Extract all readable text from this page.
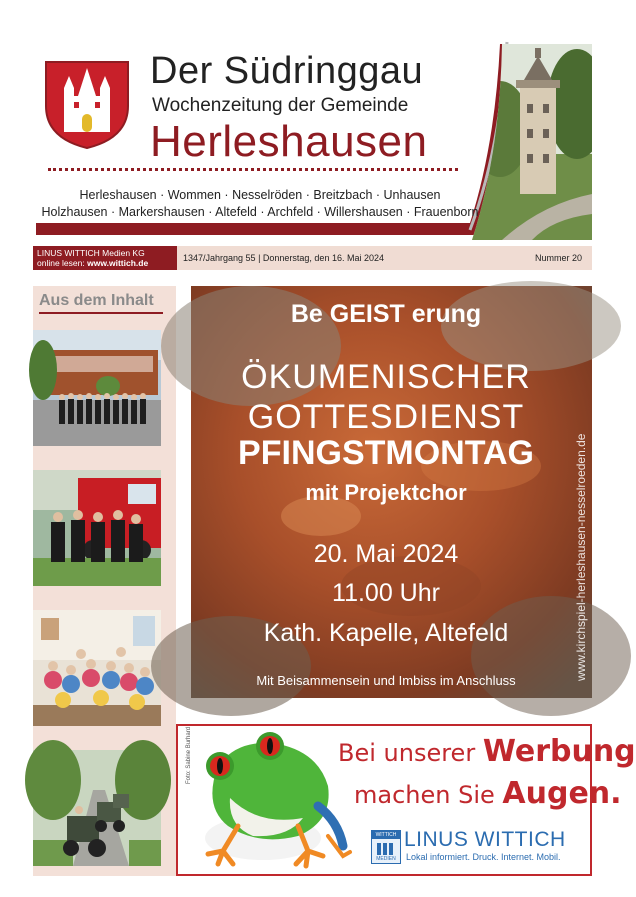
Der Südringgau
Wochenzeitung der Gemeinde
Herleshausen
Herleshausen · Wommen · Nesselröden · Breitzbach · Unhausen
Holzhausen · Markershausen · Altefeld · Archfeld · Willershausen · Frauenborn
LINUS WITTICH Medien KG
online lesen: www.wittich.de	1347/Jahrgang 55 | Donnerstag, den 16. Mai 2024	Nummer 20
Aus dem Inhalt	Be GEIST erung
ÖKUMENISCHER
GOTTESDIENST
PFINGSTMONTAG
mit Projektchor
20. Mai 2024
11.00 Uhr
Kath. Kapelle, Altefeld
Mit Beisammensein und Imbiss im Anschluss	www.kirchspiel-herleshausen-nesselroeden.de
Foto: Sabine Burhard	Bei unserer Werbung
machen Sie Augen.
WITTICH
MEDIEN
LINUS WITTICH
Lokal informiert. Druck. Internet. Mobil.
